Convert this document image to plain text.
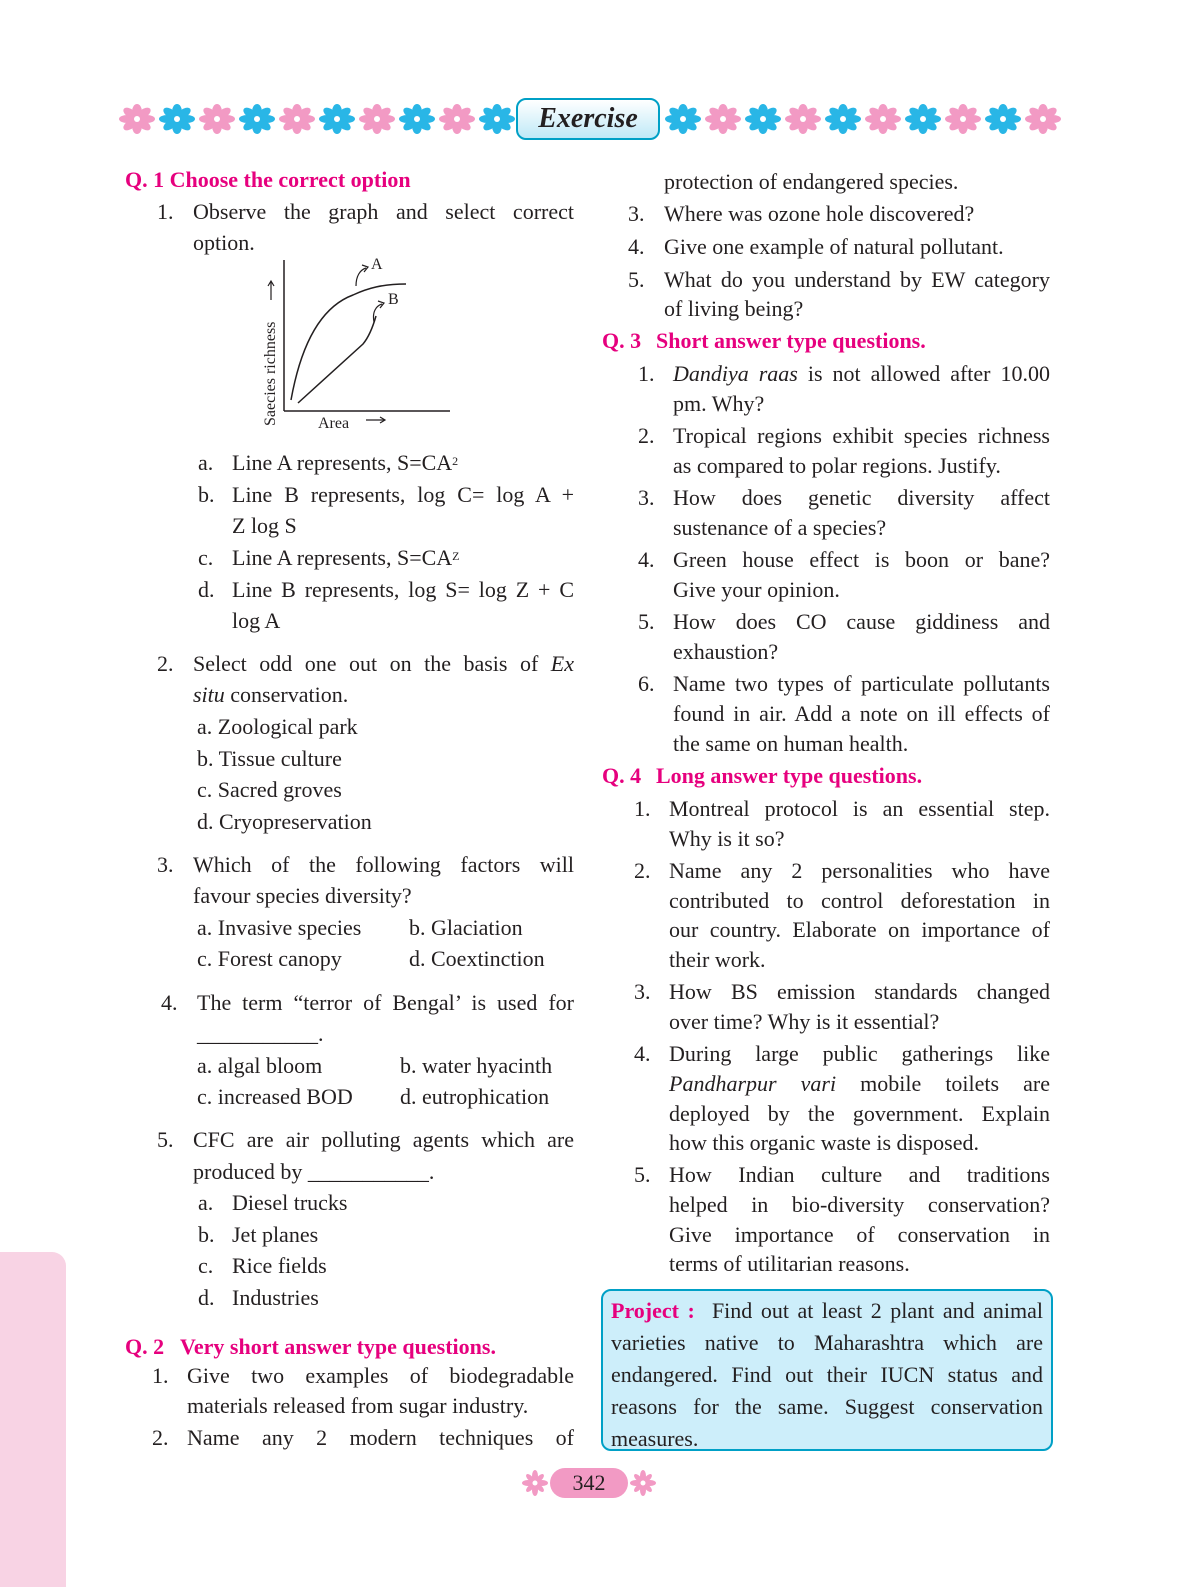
Exercise
Q. 1 Choose the correct option
1. Observe the graph and select correct
option.
A
B
Area
Saecies richness
a. Line A represents, $S=CA^2$
b. Line B represents, log C= log A +
Z log S
c. Line A represents, $S=CA^Z$
d. Line B represents, log S= log Z + C
log A
2. Select odd one out on the basis of Ex
situ conservation.
a. Zoological park
b. Tissue culture
c. Sacred groves
d. Cryopreservation
3. Which of the following factors will
favour species diversity?
a. Invasive species b. Glaciation
c. Forest canopy	d. Coextinction
4. The term “terror of Bengal’ is used for
___________.
a. algal bloom	b. water hyacinth
c. increased BOD d. eutrophication
5. CFC are air polluting agents which are
produced by ___________.
a. Diesel trucks
b. Jet planes
c. Rice fields
d. Industries
Q. 2 Very short answer type questions.
1. Give two examples of biodegradable
materials released from sugar industry.
2. Name any 2 modern techniques of
protection of endangered species.
3. Where was ozone hole discovered?
4. Give one example of natural pollutant.
5. What do you understand by EW category
of living being?
Q. 3 Short answer type questions.
1. Dandiya raas is not allowed after 10.00
pm. Why?
2. Tropical regions exhibit species richness
as compared to polar regions. Justify.
3. How does genetic diversity affect
sustenance of a species?
4. Green house effect is boon or bane?
Give your opinion.
5. How does CO cause giddiness and
exhaustion?
6. Name two types of particulate pollutants
found in air. Add a note on ill effects of
the same on human health.
Q. 4 Long answer type questions.
1. Montreal protocol is an essential step.
Why is it so?
2. Name any 2 personalities who have
contributed to control deforestation in
our country. Elaborate on importance of
their work.
3. How BS emission standards changed
over time? Why is it essential?
4. During large public gatherings like
Pandharpur vari mobile toilets are
deployed by the government. Explain
how this organic waste is disposed.
5. How Indian culture and traditions
helped in bio-diversity conservation?
Give importance of conservation in
terms of utilitarian reasons.
Project : Find out at least 2 plant and animal
varieties native to Maharashtra which are
endangered. Find out their IUCN status and
reasons for the same. Suggest conservation
measures.
342
